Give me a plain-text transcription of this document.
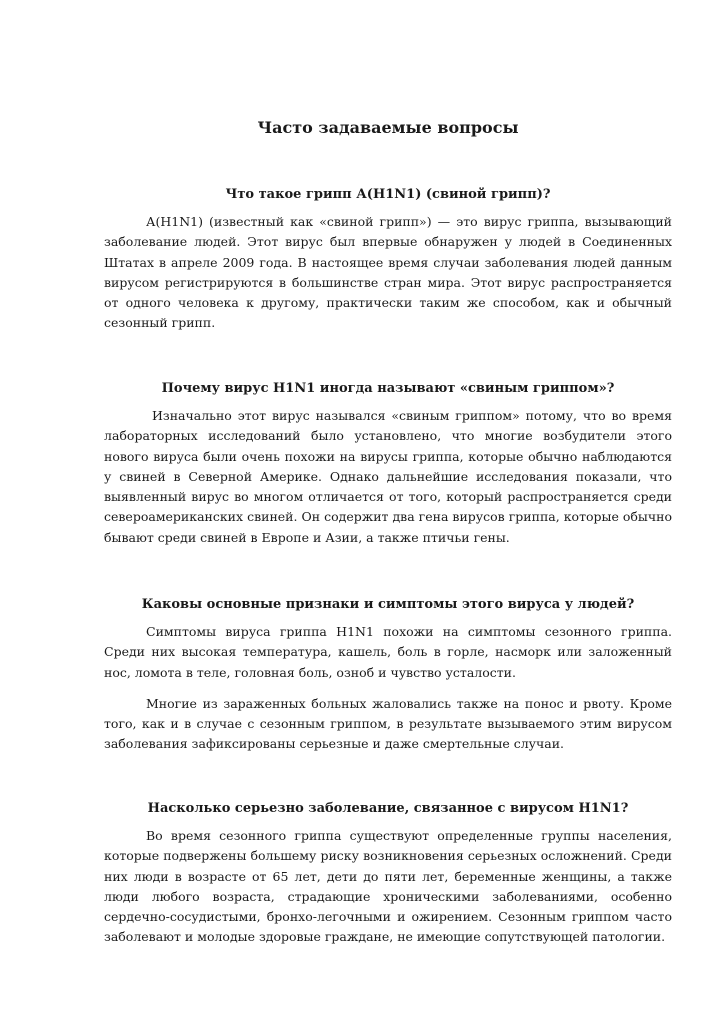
Часто задаваемые вопросы
Что такое грипп А(H1N1) (свиной грипп)?

А(H1N1) (известный как «свиной грипп») — это вирус гриппа, вызывающий заболевание людей. Этот вирус был впервые обнаружен у людей в Соединенных Штатах в апреле 2009 года. В настоящее время случаи заболевания людей данным вирусом регистрируются в большинстве стран мира. Этот вирус распространяется от одного человека к другому, практически таким же способом, как и обычный сезонный грипп.

Почему вирус H1N1 иногда называют «свиным гриппом»?

Изначально этот вирус назывался «свиным гриппом» потому, что во время лабораторных исследований было установлено, что многие возбудители этого нового вируса были очень похожи на вирусы гриппа, которые обычно наблюдаются у свиней в Северной Америке. Однако дальнейшие исследования показали, что выявленный вирус во многом отличается от того, который распространяется среди североамериканских свиней. Он содержит два гена вирусов гриппа, которые обычно бывают среди свиней в Европе и Азии, а также птичьи гены.

Каковы основные признаки и симптомы этого вируса у людей?

Симптомы вируса гриппа H1N1 похожи на симптомы сезонного гриппа. Среди них высокая температура, кашель, боль в горле, насморк или заложенный нос, ломота в теле, головная боль, озноб и чувство усталости.

Многие из зараженных больных жаловались также на понос и рвоту. Кроме того, как и в случае с сезонным гриппом, в результате вызываемого этим вирусом заболевания зафиксированы серьезные и даже смертельные случаи.

Насколько серьезно заболевание, связанное с вирусом H1N1?

Во время сезонного гриппа существуют определенные группы населения, которые подвержены большему риску возникновения серьезных осложнений. Среди них люди в возрасте от 65 лет, дети до пяти лет, беременные женщины, а также люди любого возраста, страдающие хроническими заболеваниями, особенно сердечно-сосудистыми, бронхо-легочными и ожирением. Сезонным гриппом часто заболевают и молодые здоровые граждане, не имеющие сопутствующей патологии.
